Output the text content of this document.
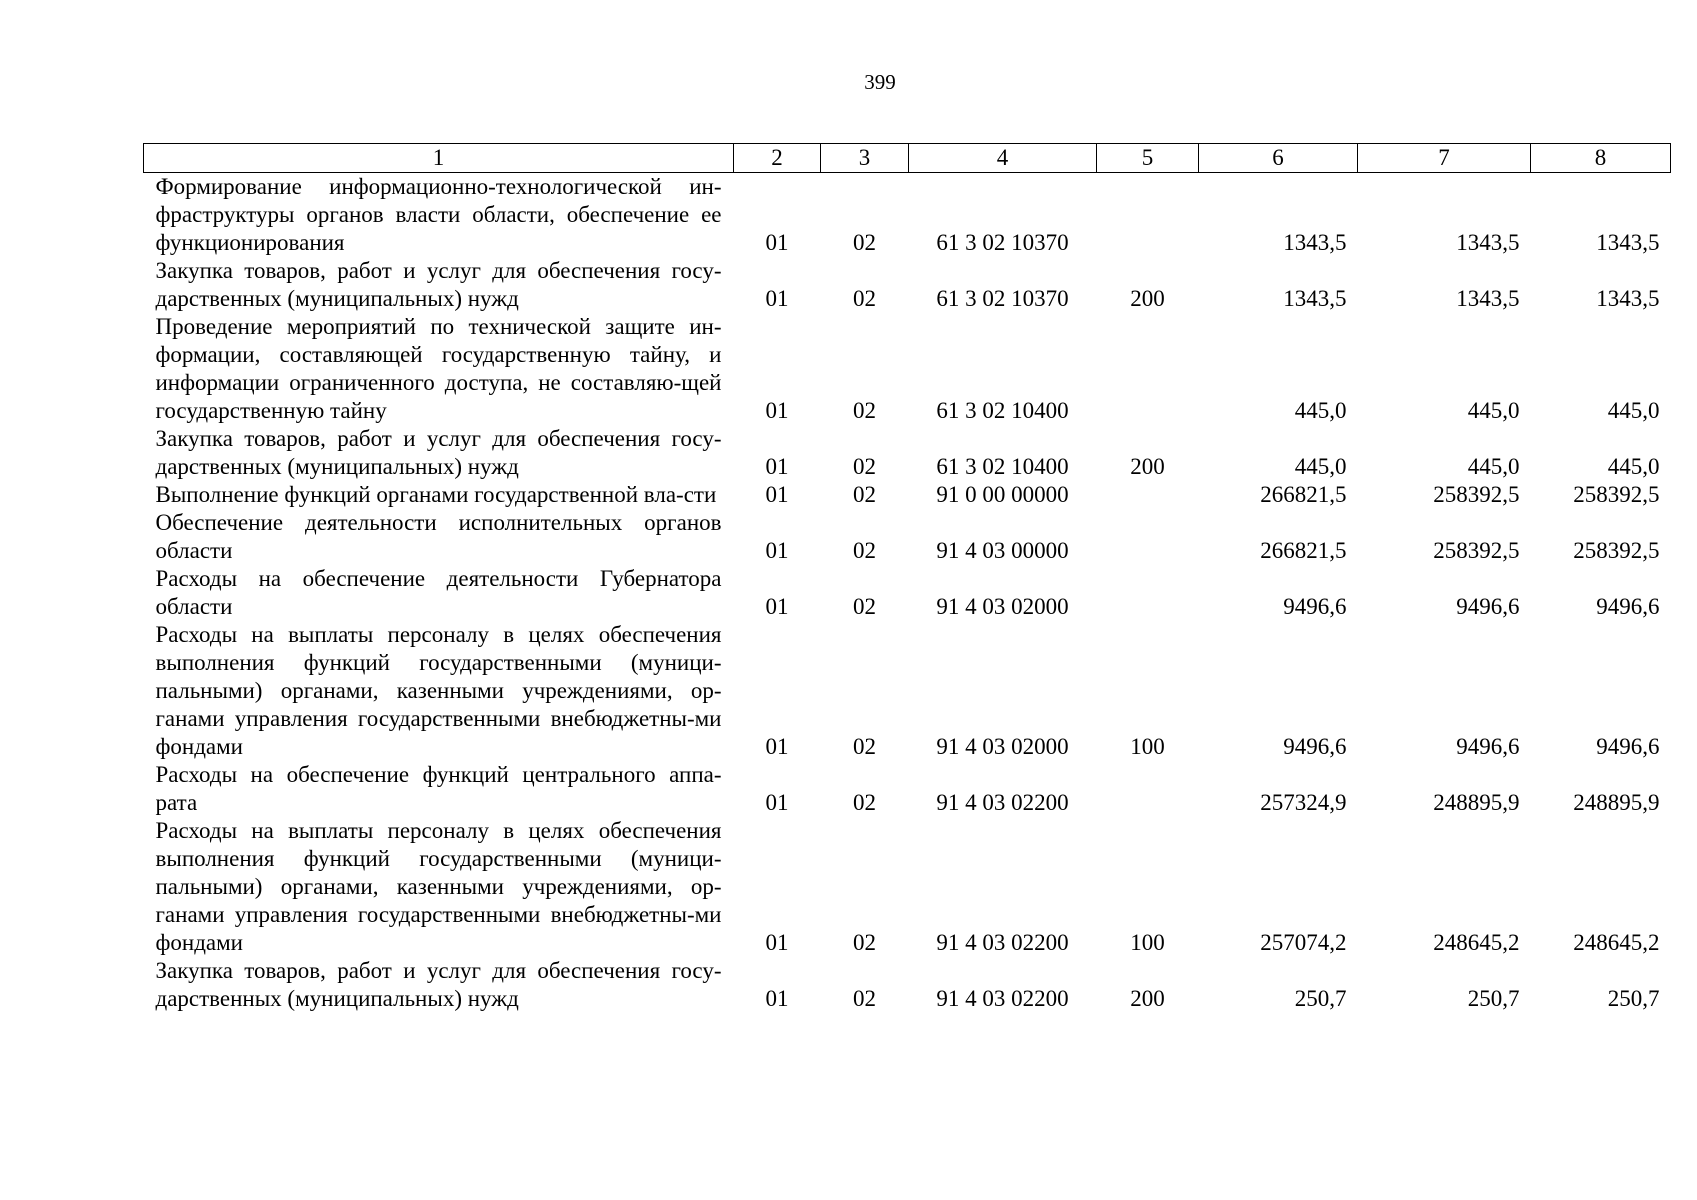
399
1	2	3	4	5	6	7	8
Формирование информационно-технологической ин-фраструктуры органов власти области, обеспечение ее функционирования	01	02	61 3 02 10370		1343,5	1343,5	1343,5
Закупка товаров, работ и услуг для обеспечения госу-дарственных (муниципальных) нужд	01	02	61 3 02 10370	200	1343,5	1343,5	1343,5
Проведение мероприятий по технической защите ин-формации, составляющей государственную тайну, и информации ограниченного доступа, не составляю-щей государственную тайну	01	02	61 3 02 10400		445,0	445,0	445,0
Закупка товаров, работ и услуг для обеспечения госу-дарственных (муниципальных) нужд	01	02	61 3 02 10400	200	445,0	445,0	445,0
Выполнение функций органами государственной вла-сти	01	02	91 0 00 00000		266821,5	258392,5	258392,5
Обеспечение деятельности исполнительных органов области	01	02	91 4 03 00000		266821,5	258392,5	258392,5
Расходы на обеспечение деятельности Губернатора области	01	02	91 4 03 02000		9496,6	9496,6	9496,6
Расходы на выплаты персоналу в целях обеспечения выполнения функций государственными (муници-пальными) органами, казенными учреждениями, ор-ганами управления государственными внебюджетны-ми фондами	01	02	91 4 03 02000	100	9496,6	9496,6	9496,6
Расходы на обеспечение функций центрального аппа-рата	01	02	91 4 03 02200		257324,9	248895,9	248895,9
Расходы на выплаты персоналу в целях обеспечения выполнения функций государственными (муници-пальными) органами, казенными учреждениями, ор-ганами управления государственными внебюджетны-ми фондами	01	02	91 4 03 02200	100	257074,2	248645,2	248645,2
Закупка товаров, работ и услуг для обеспечения госу-дарственных (муниципальных) нужд	01	02	91 4 03 02200	200	250,7	250,7	250,7
